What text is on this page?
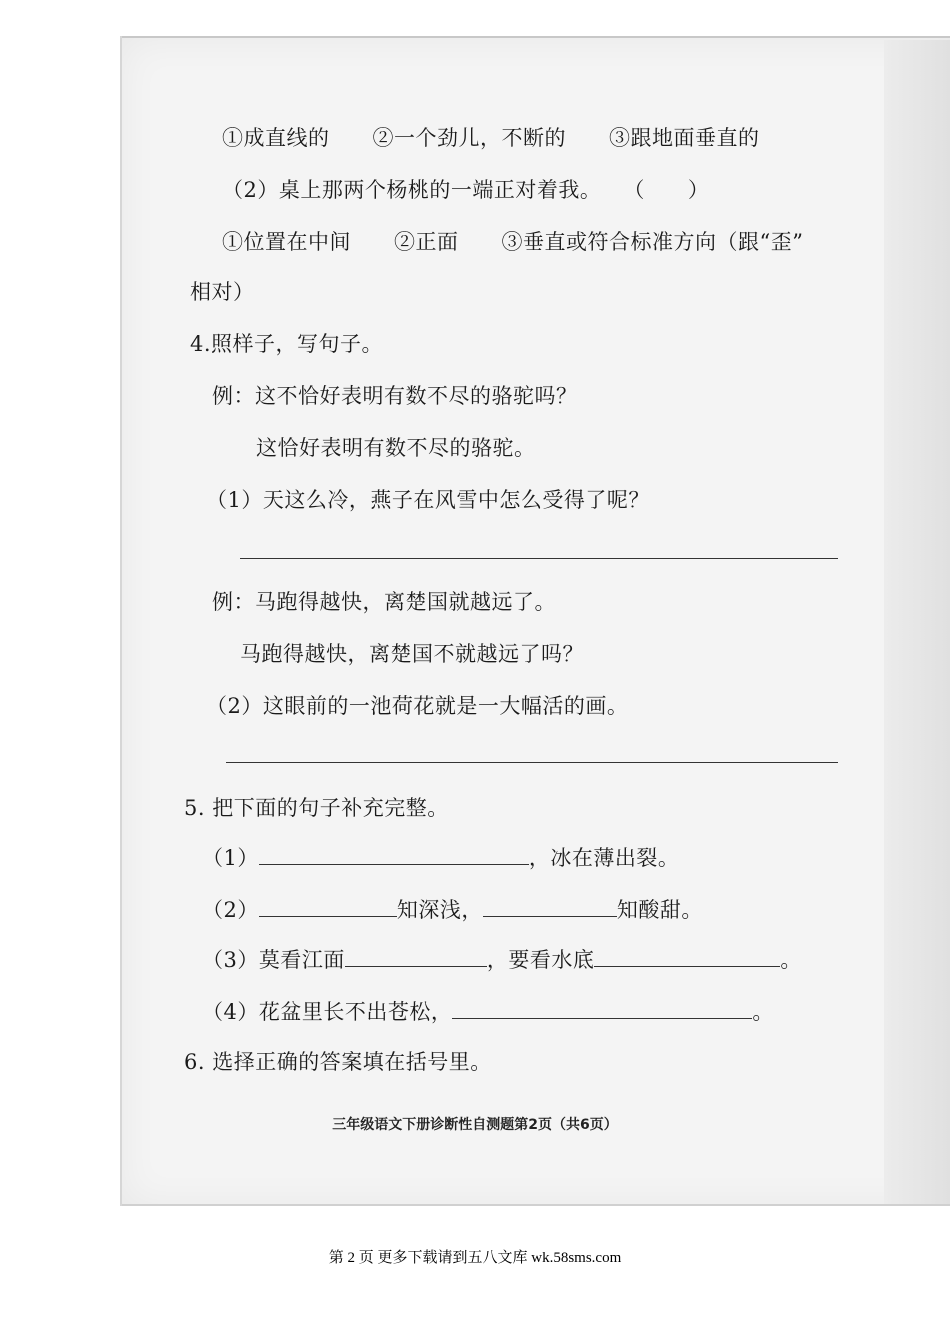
①成直线的　　②一个劲儿，不断的　　③跟地面垂直的
（2）桌上那两个杨桃的一端正对着我。　　（　　）
①位置在中间　　②正面　　③垂直或符合标准方向（跟“歪”
相对）
4.照样子，写句子。
例：这不恰好表明有数不尽的骆驼吗？
这恰好表明有数不尽的骆驼。
（1）天这么冷，燕子在风雪中怎么受得了呢？
例：马跑得越快，离楚国就越远了。
马跑得越快，离楚国不就越远了吗？
（2）这眼前的一池荷花就是一大幅活的画。
5. 把下面的句子补充完整。
（1）	，冰在薄出裂。
（2）	知深浅，	知酸甜。
（3）莫看江面	，要看水底	。
（4）花盆里长不出苍松，	。
6. 选择正确的答案填在括号里。
三年级语文下册诊断性自测题第2页（共6页）
第 2 页 更多下载请到五八文库 wk.58sms.com
